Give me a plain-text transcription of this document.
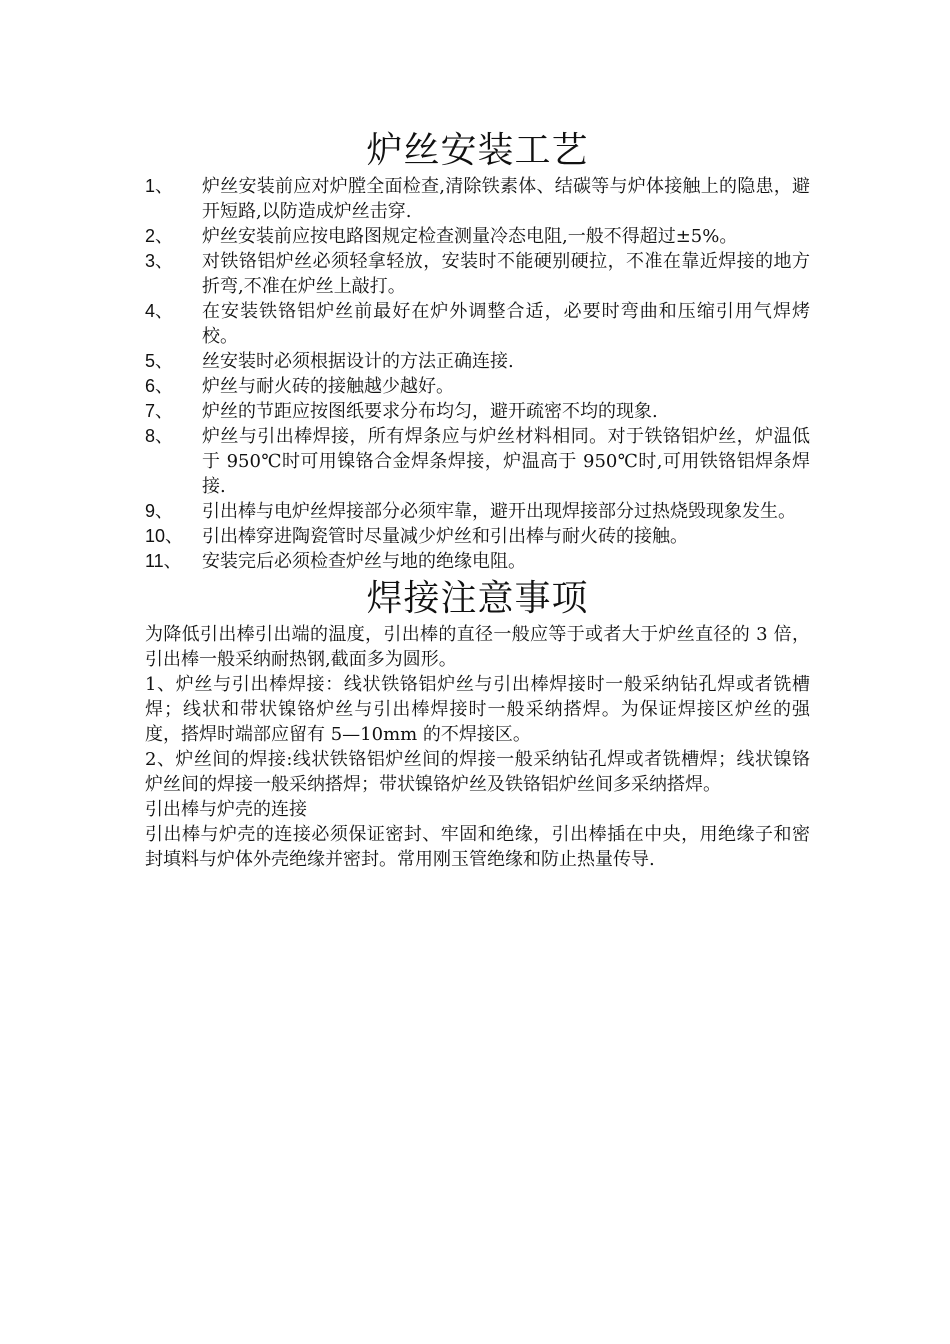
炉丝安装工艺
1、	炉丝安装前应对炉膛全面检查,清除铁素体、结碳等与炉体接触上的隐患，避开短路,以防造成炉丝击穿.
2、	炉丝安装前应按电路图规定检查测量冷态电阻,一般不得超过±5%。
3、	对铁铬铝炉丝必须轻拿轻放，安装时不能硬别硬拉，不准在靠近焊接的地方折弯,不准在炉丝上敲打。
4、	在安装铁铬铝炉丝前最好在炉外调整合适，必要时弯曲和压缩引用气焊烤校。
5、	丝安装时必须根据设计的方法正确连接.
6、	炉丝与耐火砖的接触越少越好。
7、	炉丝的节距应按图纸要求分布均匀，避开疏密不均的现象.
8、	炉丝与引出棒焊接，所有焊条应与炉丝材料相同。对于铁铬铝炉丝，炉温低于 950℃时可用镍铬合金焊条焊接，炉温高于 950℃时,可用铁铬铝焊条焊接.
9、	引出棒与电炉丝焊接部分必须牢靠，避开出现焊接部分过热烧毁现象发生。
10、	引出棒穿进陶瓷管时尽量减少炉丝和引出棒与耐火砖的接触。
11、	安装完后必须检查炉丝与地的绝缘电阻。
焊接注意事项

为降低引出棒引出端的温度，引出棒的直径一般应等于或者大于炉丝直径的 3 倍，引出棒一般采纳耐热钢,截面多为圆形。

1、炉丝与引出棒焊接：线状铁铬铝炉丝与引出棒焊接时一般采纳钻孔焊或者铣槽焊；线状和带状镍铬炉丝与引出棒焊接时一般采纳搭焊。为保证焊接区炉丝的强度，搭焊时端部应留有 5—10mm 的不焊接区。

2、炉丝间的焊接:线状铁铬铝炉丝间的焊接一般采纳钻孔焊或者铣槽焊；线状镍铬炉丝间的焊接一般采纳搭焊；带状镍铬炉丝及铁铬铝炉丝间多采纳搭焊。

引出棒与炉壳的连接

引出棒与炉壳的连接必须保证密封、牢固和绝缘，引出棒插在中央，用绝缘子和密封填料与炉体外壳绝缘并密封。常用刚玉管绝缘和防止热量传导.
